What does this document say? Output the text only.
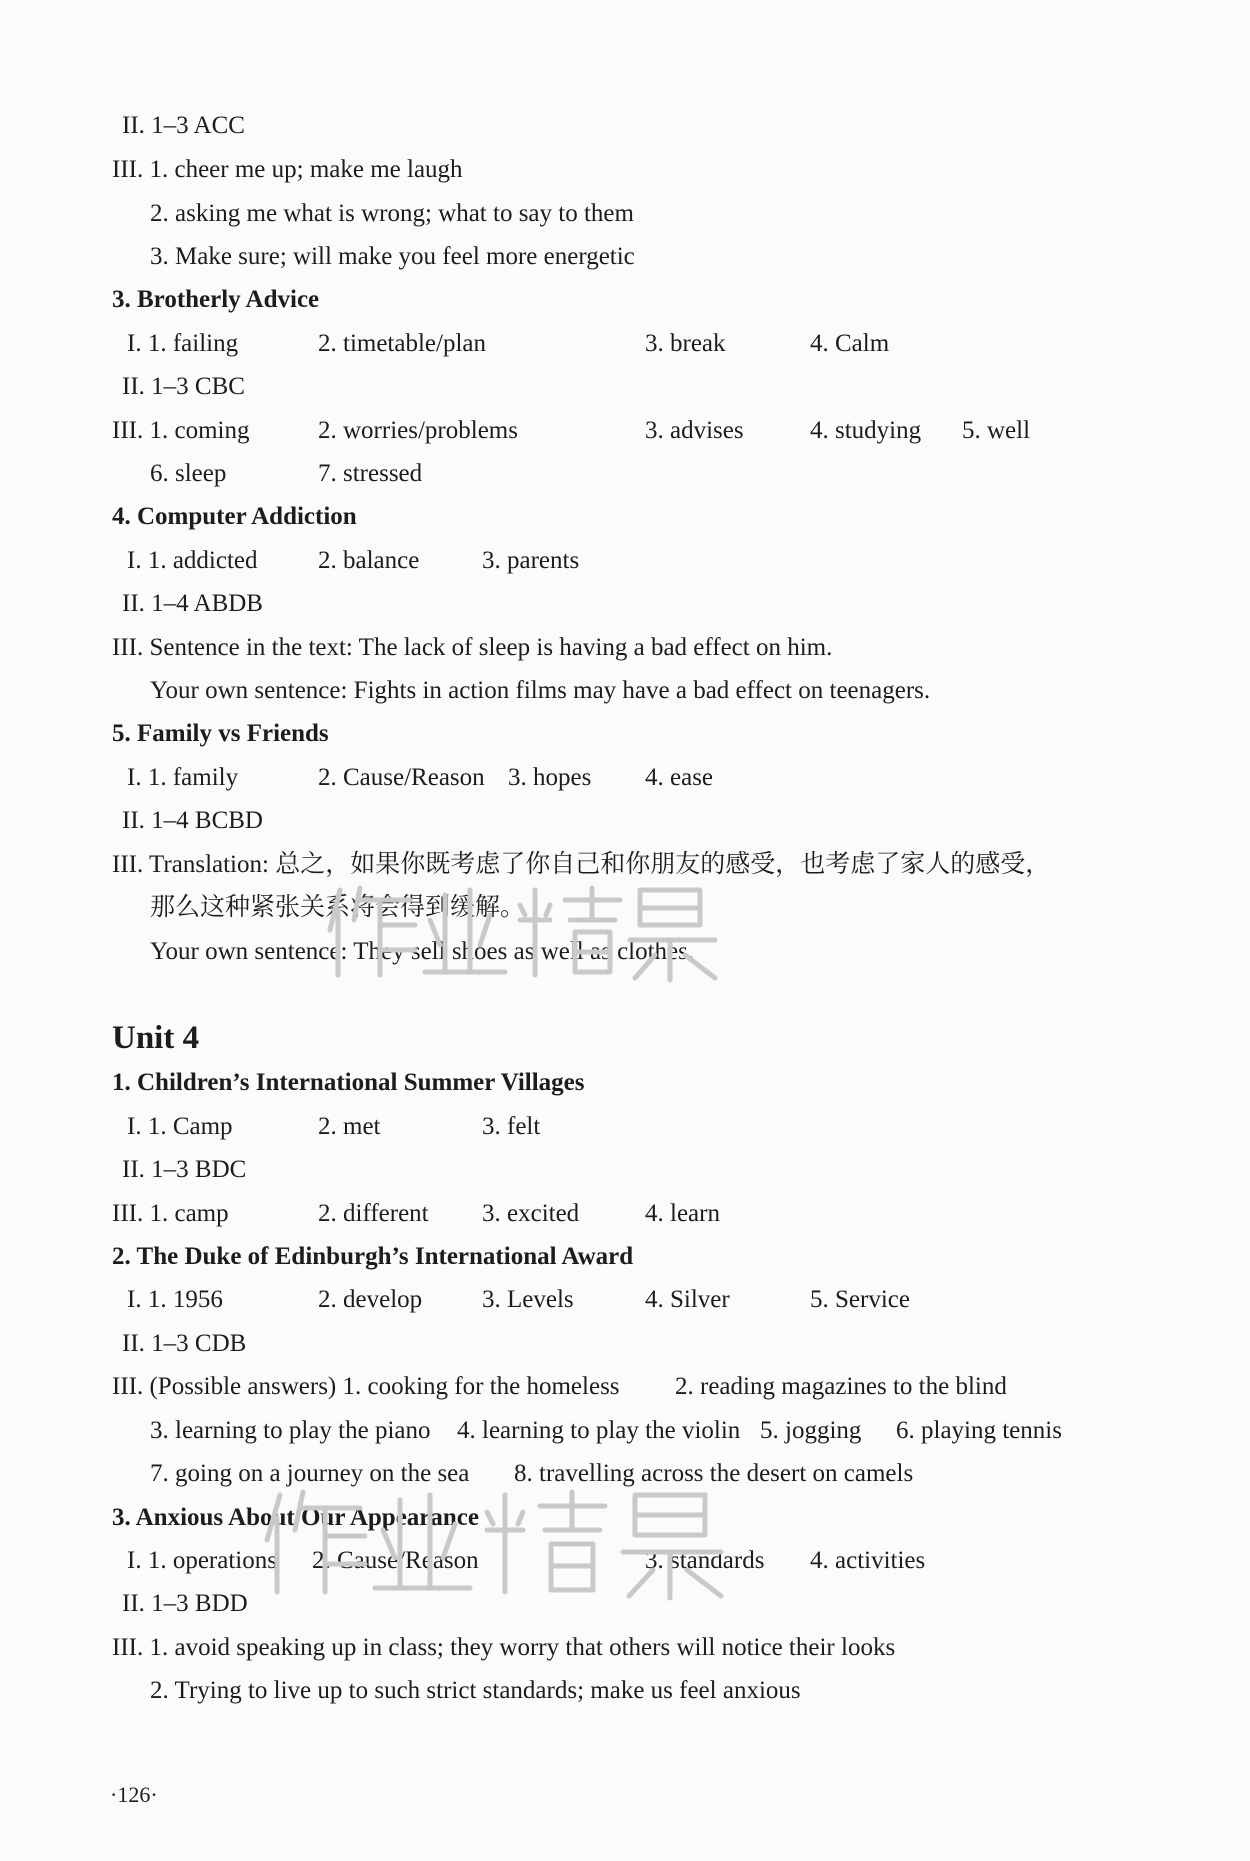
II. 1–3 ACC
III. 1. cheer me up; make me laugh
2. asking me what is wrong; what to say to them
3. Make sure; will make you feel more energetic
3. Brotherly Advice
I. 1. failing	2. timetable/plan	3. break	4. Calm
II. 1–3 CBC
III. 1. coming	2. worries/problems	3. advises	4. studying 5. well
6. sleep	7. stressed
4. Computer Addiction
I. 1. addicted 2. balance	3. parents
II. 1–4 ABDB
III. Sentence in the text: The lack of sleep is having a bad effect on him.
Your own sentence: Fights in action films may have a bad effect on teenagers.
5. Family vs Friends
I. 1. family	2. Cause/Reason 3. hopes 4. ease
II. 1–4 BCBD
III. Translation: 总之，如果你既考虑了你自己和你朋友的感受，也考虑了家人的感受，
那么这种紧张关系将会得到缓解。
Your own sentence: They sell shoes as well as clothes.
1. Children’s International Summer Villages
I. 1. Camp	2. met	3. felt
II. 1–3 BDC
III. 1. camp	2. different 3. excited	4. learn
2. The Duke of Edinburgh’s International Award
I. 1. 1956	2. develop 3. Levels	4. Silver	5. Service
II. 1–3 CDB
III. (Possible answers) 1. cooking for the homeless 2. reading magazines to the blind
3. learning to play the piano 4. learning to play the violin 5. jogging 6. playing tennis
7. going on a journey on the sea 8. travelling across the desert on camels
3. Anxious About Our Appearance
I. 1. operations 2. Cause/Reason	3. standards 4. activities
II. 1–3 BDD
III. 1. avoid speaking up in class; they worry that others will notice their looks
2. Trying to live up to such strict standards; make us feel anxious
Unit 4
作业精灵
·126·
